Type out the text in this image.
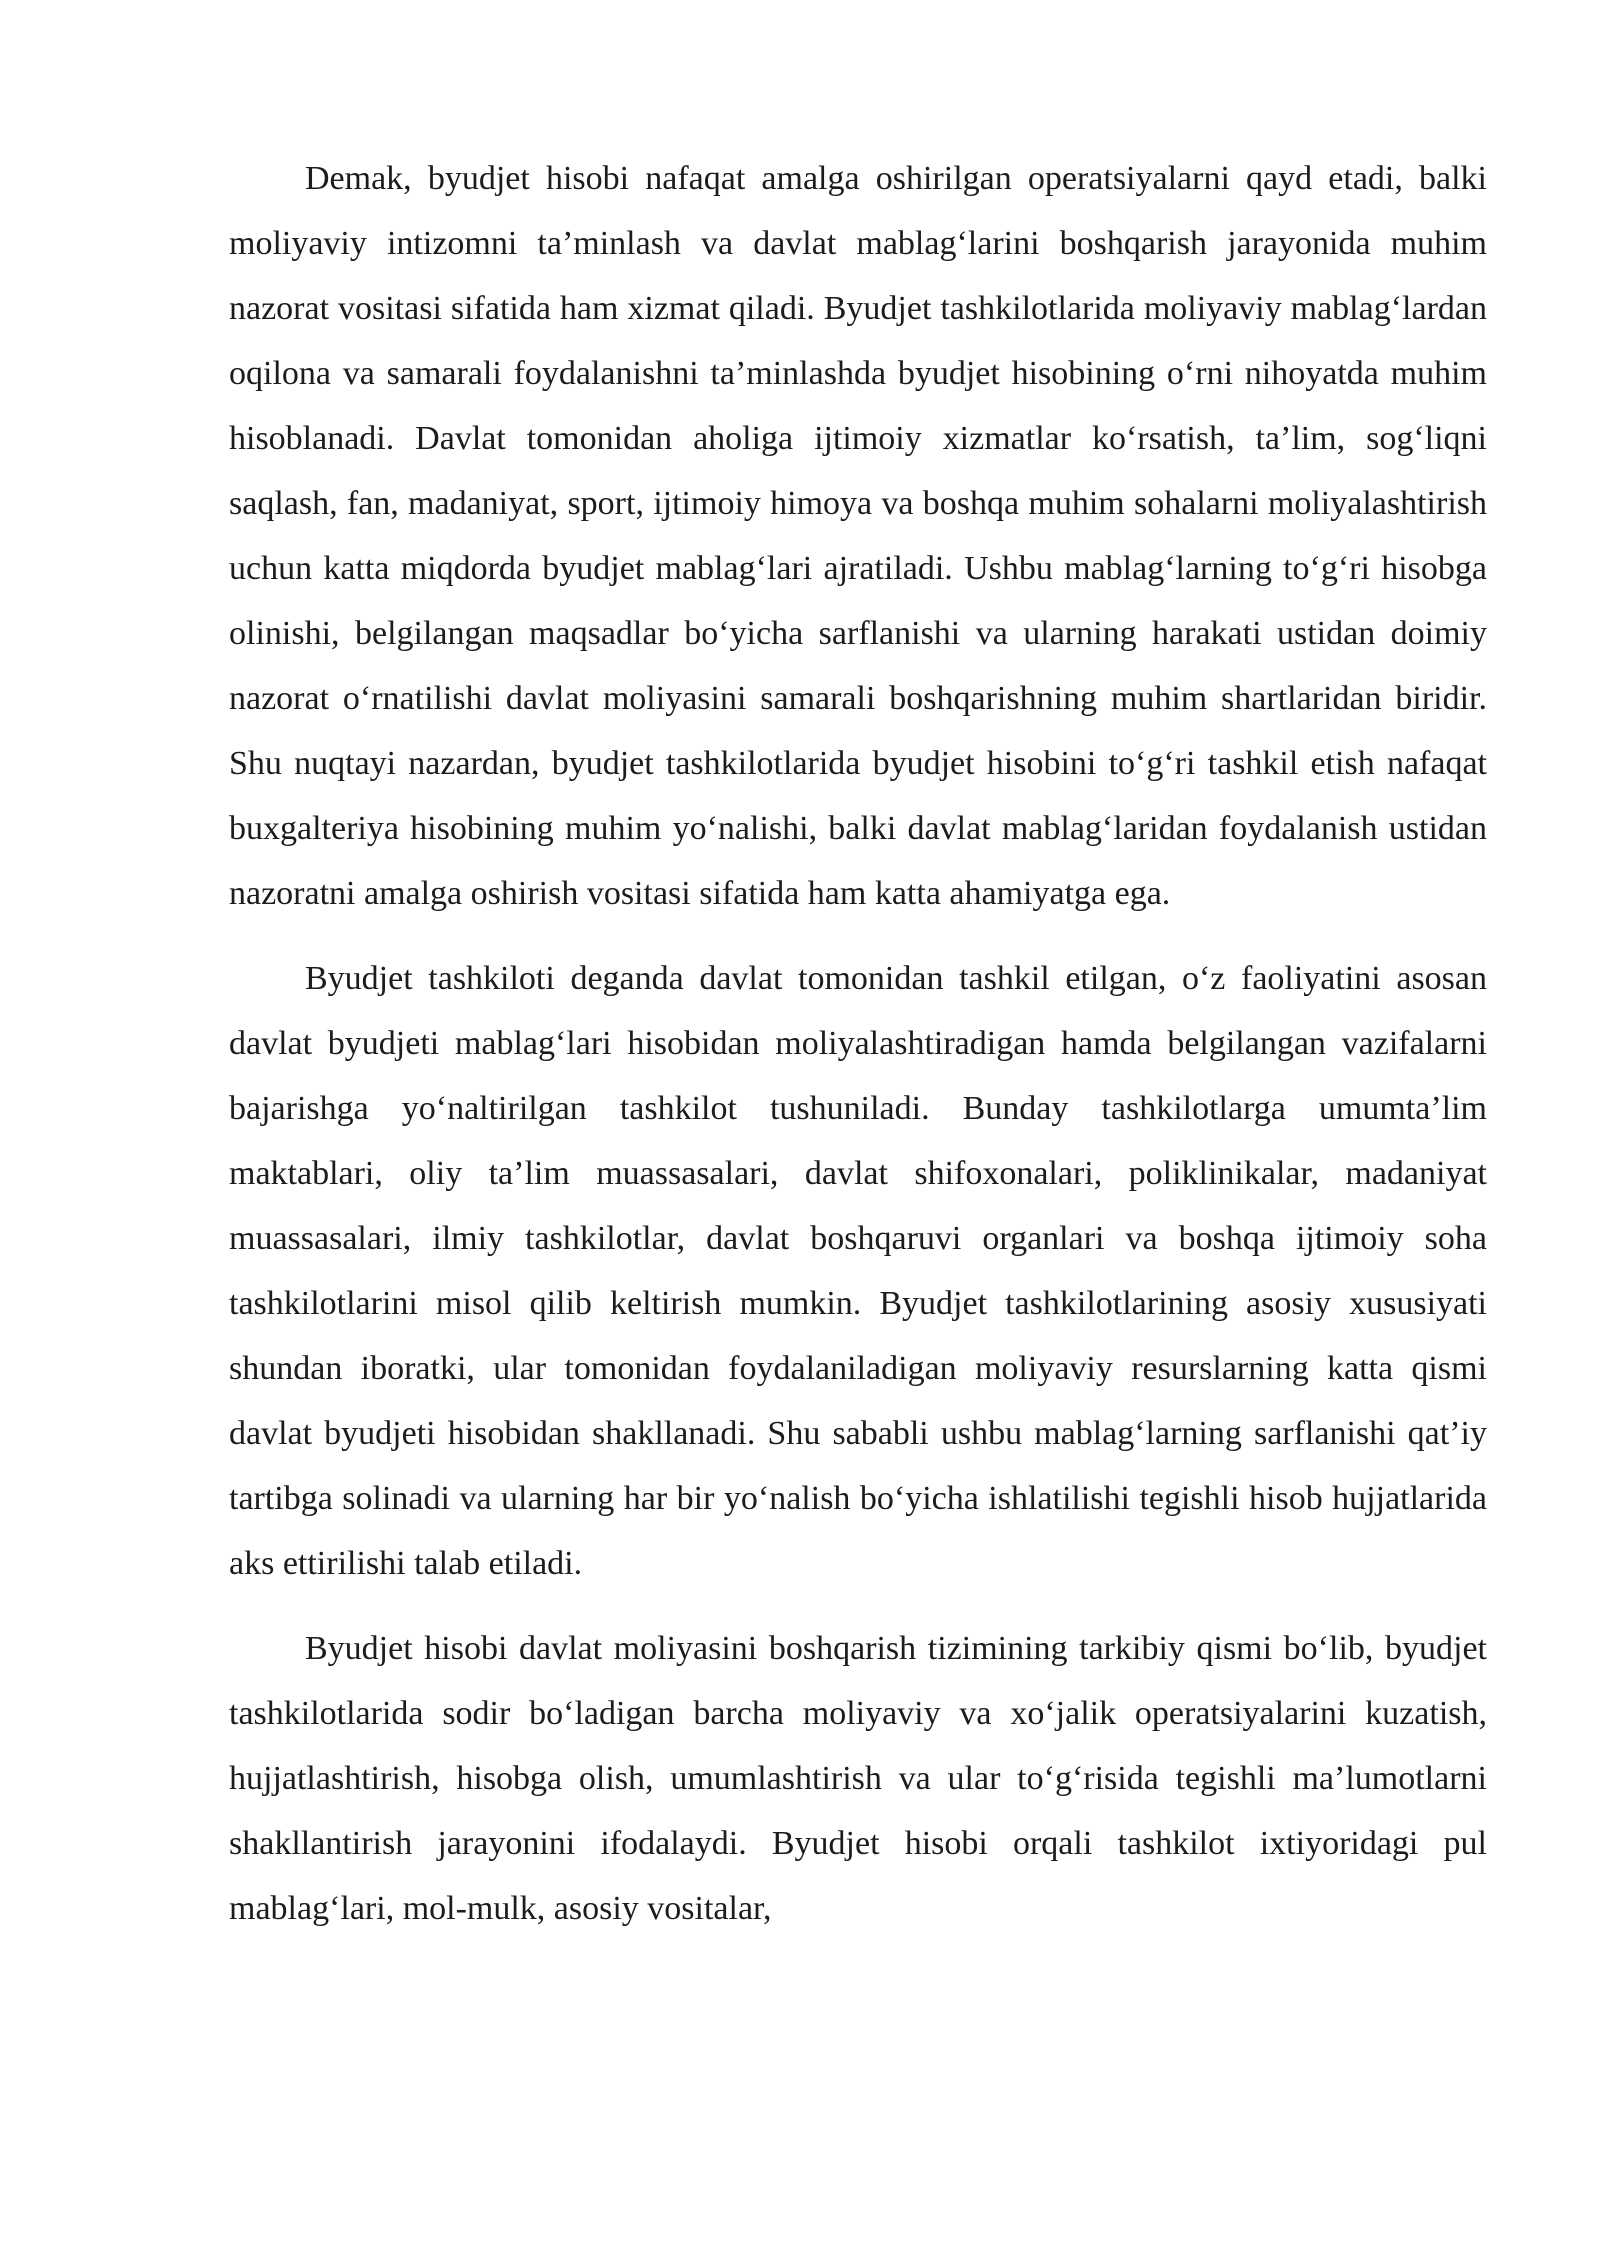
Demak, byudjet hisobi nafaqat amalga oshirilgan operatsiyalarni qayd etadi, balki moliyaviy intizomni ta’minlash va davlat mablag‘larini boshqarish jarayonida muhim nazorat vositasi sifatida ham xizmat qiladi. Byudjet tashkilotlarida moliyaviy mablag‘lardan oqilona va samarali foydalanishni ta’minlashda byudjet hisobining o‘rni nihoyatda muhim hisoblanadi. Davlat tomonidan aholiga ijtimoiy xizmatlar ko‘rsatish, ta’lim, sog‘liqni saqlash, fan, madaniyat, sport, ijtimoiy himoya va boshqa muhim sohalarni moliyalashtirish uchun katta miqdorda byudjet mablag‘lari ajratiladi. Ushbu mablag‘larning to‘g‘ri hisobga olinishi, belgilangan maqsadlar bo‘yicha sarflanishi va ularning harakati ustidan doimiy nazorat o‘rnatilishi davlat moliyasini samarali boshqarishning muhim shartlaridan biridir. Shu nuqtayi nazardan, byudjet tashkilotlarida byudjet hisobini to‘g‘ri tashkil etish nafaqat buxgalteriya hisobining muhim yo‘nalishi, balki davlat mablag‘laridan foydalanish ustidan nazoratni amalga oshirish vositasi sifatida ham katta ahamiyatga ega.

Byudjet tashkiloti deganda davlat tomonidan tashkil etilgan, o‘z faoliyatini asosan davlat byudjeti mablag‘lari hisobidan moliyalashtiradigan hamda belgilangan vazifalarni bajarishga yo‘naltirilgan tashkilot tushuniladi. Bunday tashkilotlarga umumta’lim maktablari, oliy ta’lim muassasalari, davlat shifoxonalari, poliklinikalar, madaniyat muassasalari, ilmiy tashkilotlar, davlat boshqaruvi organlari va boshqa ijtimoiy soha tashkilotlarini misol qilib keltirish mumkin. Byudjet tashkilotlarining asosiy xususiyati shundan iboratki, ular tomonidan foydalaniladigan moliyaviy resurslarning katta qismi davlat byudjeti hisobidan shakllanadi. Shu sababli ushbu mablag‘larning sarflanishi qat’iy tartibga solinadi va ularning har bir yo‘nalish bo‘yicha ishlatilishi tegishli hisob hujjatlarida aks ettirilishi talab etiladi.

Byudjet hisobi davlat moliyasini boshqarish tizimining tarkibiy qismi bo‘lib, byudjet tashkilotlarida sodir bo‘ladigan barcha moliyaviy va xo‘jalik operatsiyalarini kuzatish, hujjatlashtirish, hisobga olish, umumlashtirish va ular to‘g‘risida tegishli ma’lumotlarni shakllantirish jarayonini ifodalaydi. Byudjet hisobi orqali tashkilot ixtiyoridagi pul mablag‘lari, mol-mulk, asosiy vositalar,
